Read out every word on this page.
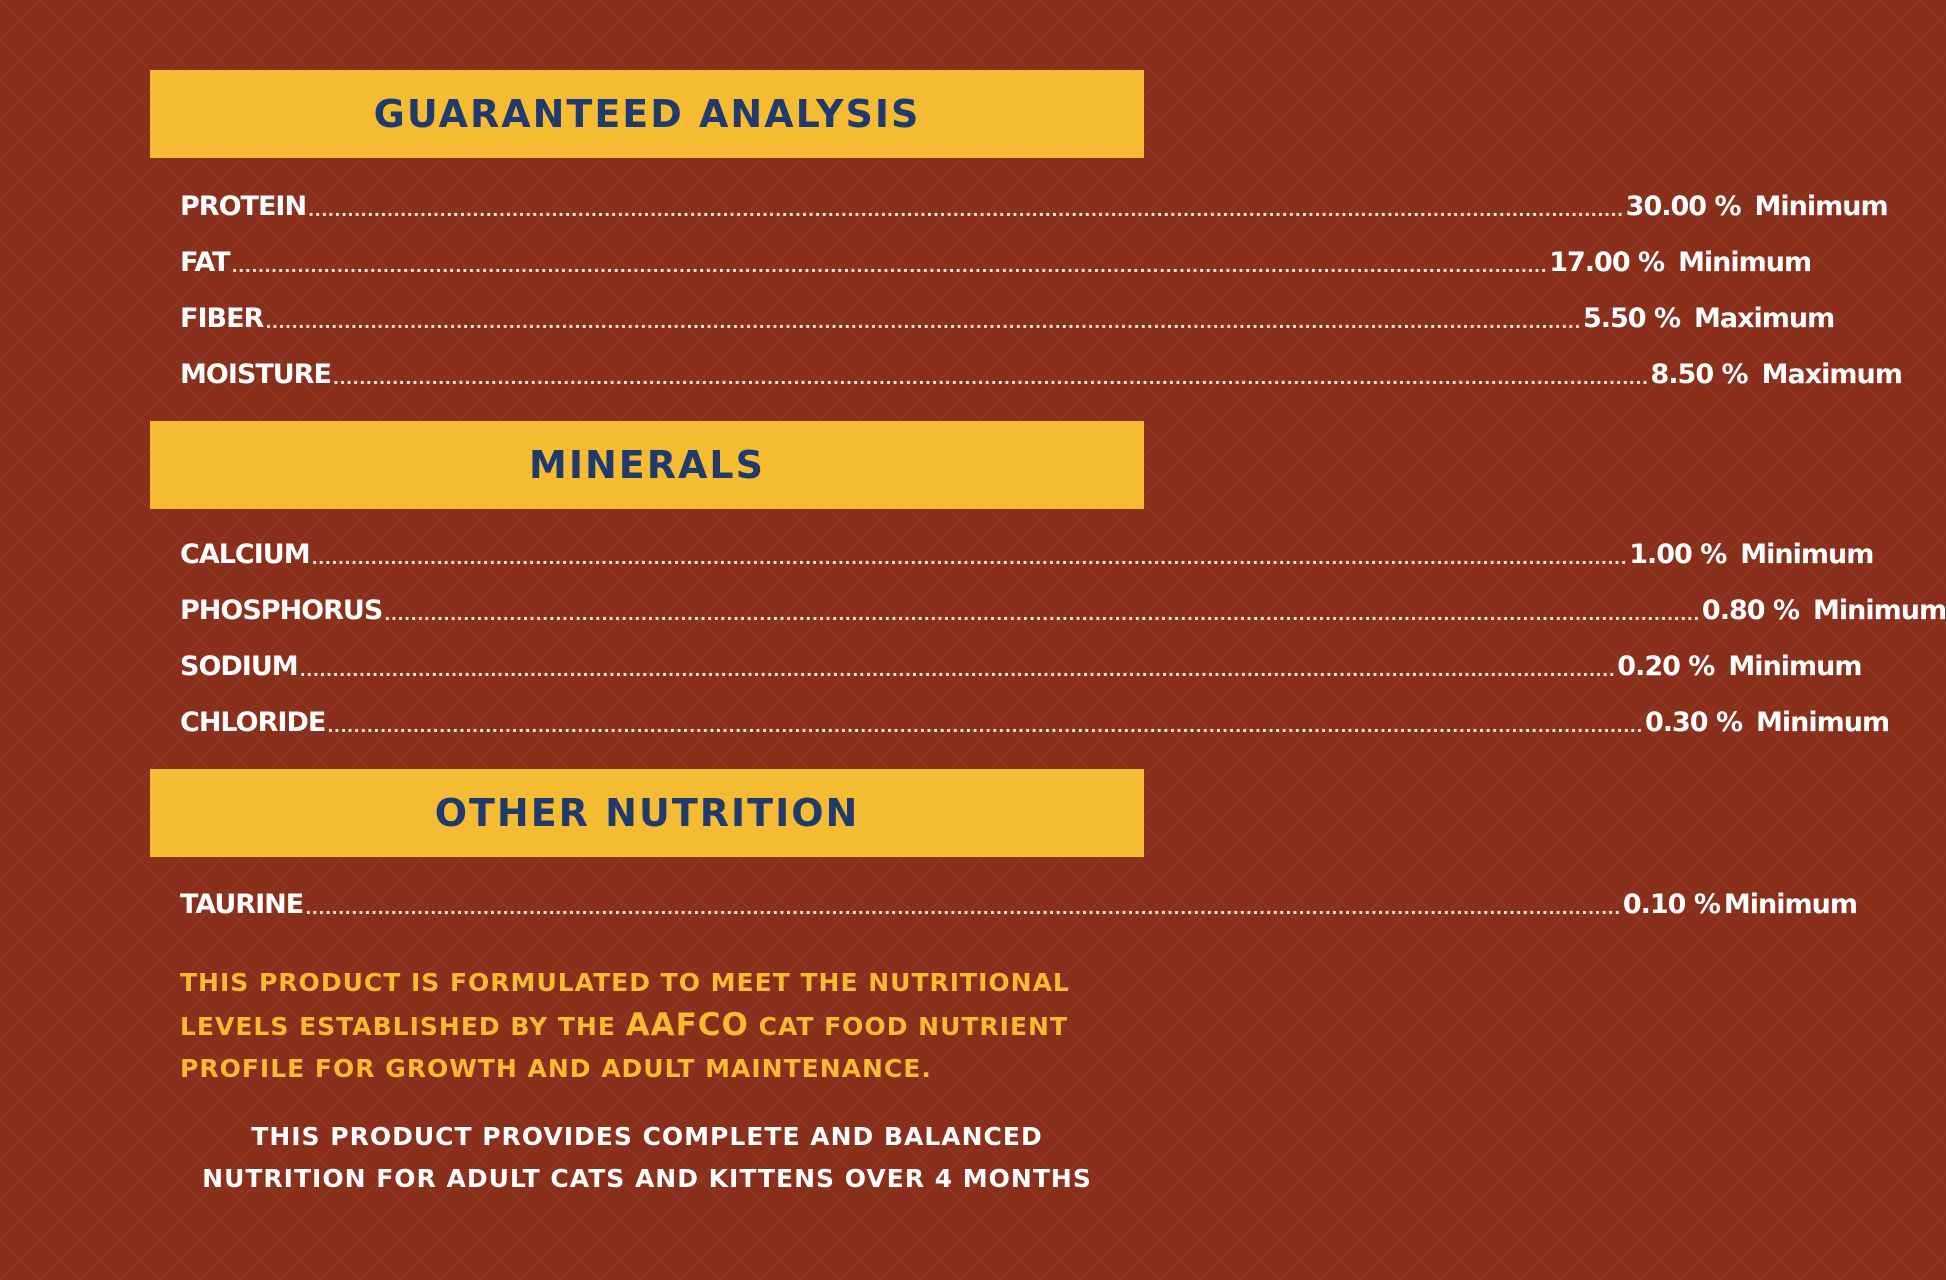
GUARANTEED ANALYSIS
PROTEIN ........................................................................................................................................................................................................ 30.00 % Minimum
FAT ........................................................................................................................................................................................................ 17.00 % Minimum
FIBER ........................................................................................................................................................................................................ 5.50 % Maximum
MOISTURE ........................................................................................................................................................................................................ 8.50 % Maximum
MINERALS
CALCIUM ........................................................................................................................................................................................................ 1.00 % Minimum
PHOSPHORUS ........................................................................................................................................................................................................ 0.80 % Minimum
SODIUM ........................................................................................................................................................................................................ 0.20 % Minimum
CHLORIDE ........................................................................................................................................................................................................ 0.30 % Minimum
OTHER NUTRITION
TAURINE ........................................................................................................................................................................................................ 0.10 % Minimum

THIS PRODUCT IS FORMULATED TO MEET THE NUTRITIONAL
LEVELS ESTABLISHED BY THE AAFCO CAT FOOD NUTRIENT
PROFILE FOR GROWTH AND ADULT MAINTENANCE.

THIS PRODUCT PROVIDES COMPLETE AND BALANCED
NUTRITION FOR ADULT CATS AND KITTENS OVER 4 MONTHS
